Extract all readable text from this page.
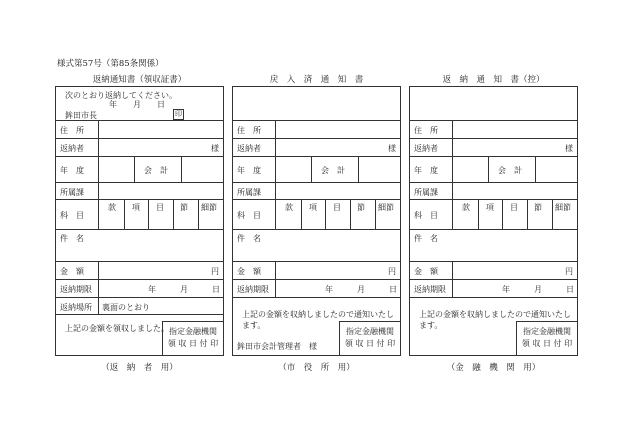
様式第57号（第85条関係）
返納通知書（領収証書）
次のとおり返納してください。
年　　月　　日
鉾田市長	印
住　所
返納者	様
年　度	会　計
所属課
科　目
款 項 目 節 細節
件　名
金　額	円
返納期限	年　　　月　　　日
返納場所 裏面のとおり
上記の金額を領収しました。 指定金融機関
領 収 日 付 印
（返　納　者　用）
戻　入　済　通　知　書
住　所
返納者	様
年　度	会　計
所属課
科　目
款 項 目 節 細節
件　名
金　額	円
返納期限	年　　　月　　　日
上記の金額を収納しましたので通知いたします。
鉾田市会計管理者　様
指定金融機関
領 収 日 付 印
（市　役　所　用）
返　納　通　知　書（控）
住　所
返納者	様
年　度	会　計
所属課
科　目
款 項 目 節 細節
件　名
金　額	円
返納期限	年　　　月　　　日
上記の金額を収納しましたので通知いたします。
指定金融機関
領 収 日 付 印
（金　融　機　関　用）
